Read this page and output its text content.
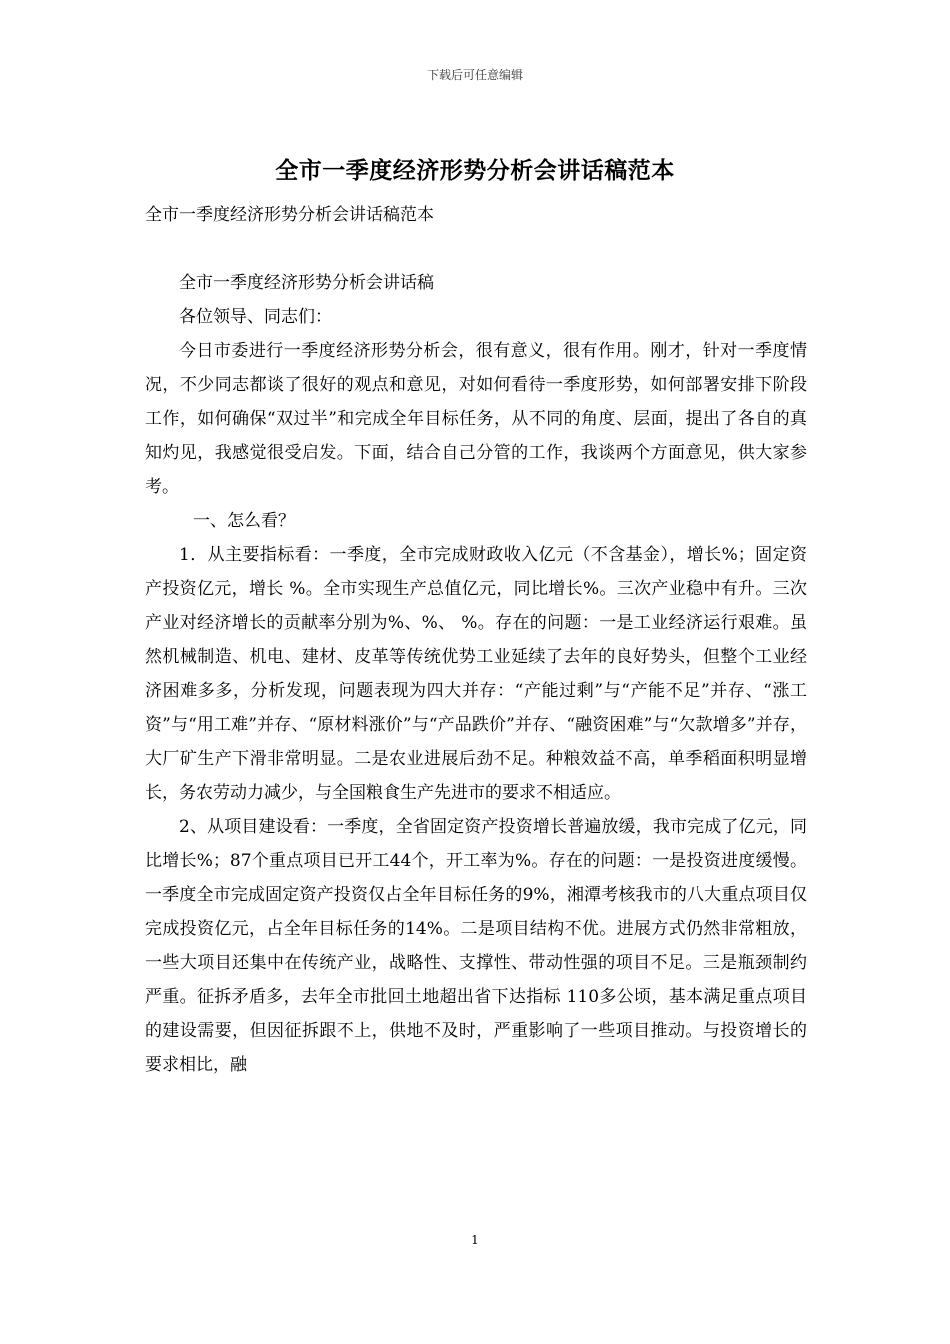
下载后可任意编辑
全市一季度经济形势分析会讲话稿范本

全市一季度经济形势分析会讲话稿范本

全市一季度经济形势分析会讲话稿

各位领导、同志们：

今日市委进行一季度经济形势分析会，很有意义，很有作用。刚才，针对一季度情况，不少同志都谈了很好的观点和意见，对如何看待一季度形势，如何部署安排下阶段工作，如何确保“双过半”和完成全年目标任务，从不同的角度、层面，提出了各自的真知灼见，我感觉很受启发。下面，结合自己分管的工作，我谈两个方面意见，供大家参考。

一、怎么看？

1．从主要指标看：一季度，全市完成财政收入亿元（不含基金），增长%；固定资产投资亿元，增长 %。全市实现生产总值亿元，同比增长%。三次产业稳中有升。三次产业对经济增长的贡献率分别为%、%、 %。存在的问题：一是工业经济运行艰难。虽然机械制造、机电、建材、皮革等传统优势工业延续了去年的良好势头，但整个工业经济困难多多，分析发现，问题表现为四大并存：“产能过剩”与“产能不足”并存、“涨工资”与“用工难”并存、“原材料涨价”与“产品跌价”并存、“融资困难”与“欠款增多”并存，大厂矿生产下滑非常明显。二是农业进展后劲不足。种粮效益不高，单季稻面积明显增长，务农劳动力减少，与全国粮食生产先进市的要求不相适应。

2、从项目建设看：一季度，全省固定资产投资增长普遍放缓，我市完成了亿元，同比增长%；87个重点项目已开工44个，开工率为%。存在的问题：一是投资进度缓慢。一季度全市完成固定资产投资仅占全年目标任务的9%，湘潭考核我市的八大重点项目仅完成投资亿元，占全年目标任务的14%。二是项目结构不优。进展方式仍然非常粗放，一些大项目还集中在传统产业，战略性、支撑性、带动性强的项目不足。三是瓶颈制约严重。征拆矛盾多，去年全市批回土地超出省下达指标 110多公顷，基本满足重点项目的建设需要，但因征拆跟不上，供地不及时，严重影响了一些项目推动。与投资增长的要求相比，融

1
